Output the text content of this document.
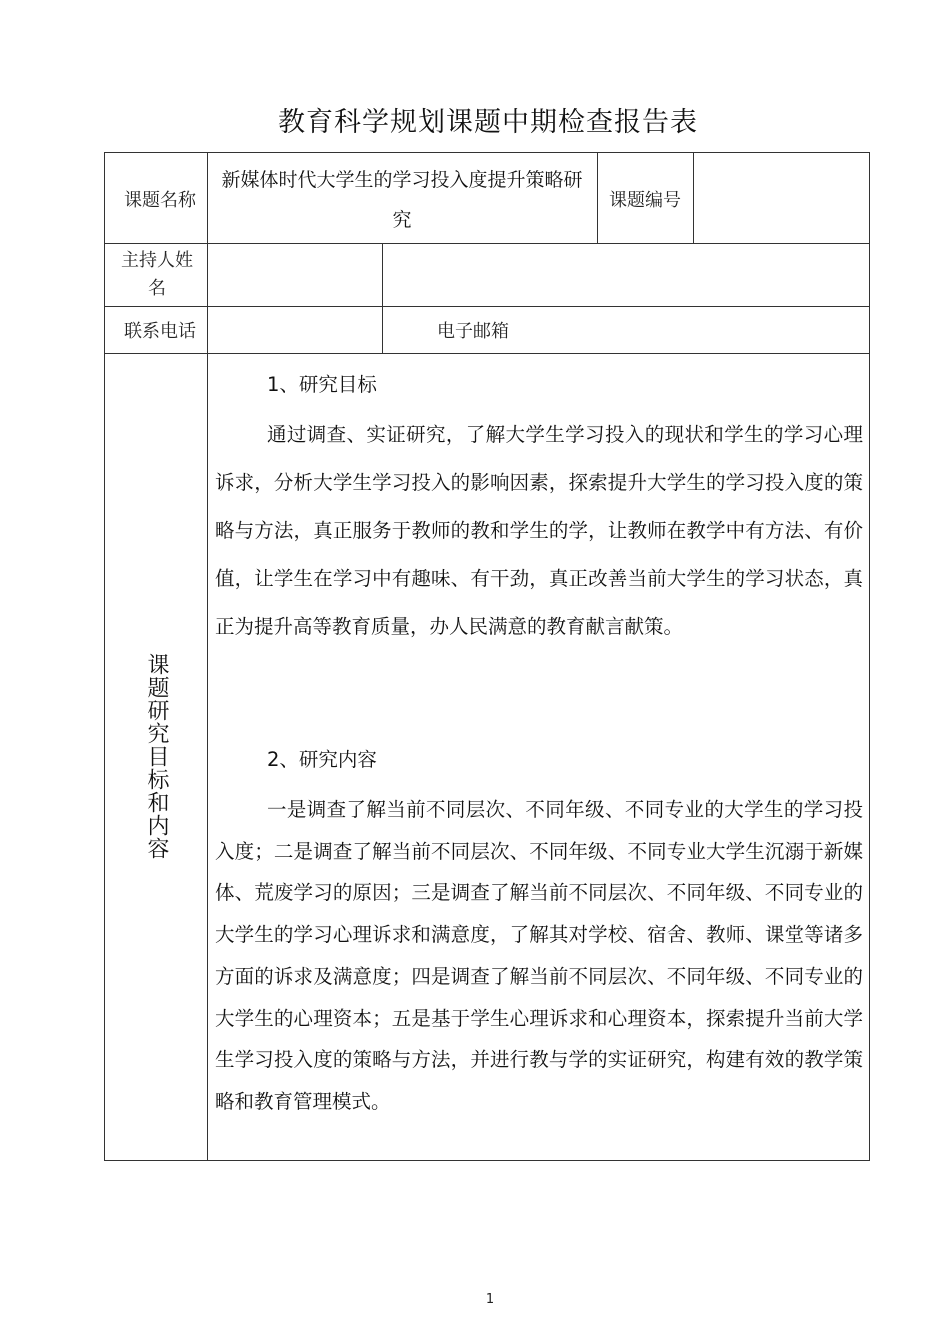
教育科学规划课题中期检查报告表
课题名称
新媒体时代大学生的学习投入度提升策略研究
课题编号
主持人姓名
联系电话	电子邮箱
课题研究目标和内容
1、研究目标

通过调查、实证研究，了解大学生学习投入的现状和学生的学习心理诉求，分析大学生学习投入的影响因素，探索提升大学生的学习投入度的策略与方法，真正服务于教师的教和学生的学，让教师在教学中有方法、有价值，让学生在学习中有趣味、有干劲，真正改善当前大学生的学习状态，真正为提升高等教育质量，办人民满意的教育献言献策。

2、研究内容

一是调查了解当前不同层次、不同年级、不同专业的大学生的学习投入度；二是调查了解当前不同层次、不同年级、不同专业大学生沉溺于新媒体、荒废学习的原因；三是调查了解当前不同层次、不同年级、不同专业的大学生的学习心理诉求和满意度，了解其对学校、宿舍、教师、课堂等诸多方面的诉求及满意度；四是调查了解当前不同层次、不同年级、不同专业的大学生的心理资本；五是基于学生心理诉求和心理资本，探索提升当前大学生学习投入度的策略与方法，并进行教与学的实证研究，构建有效的教学策略和教育管理模式。

1
